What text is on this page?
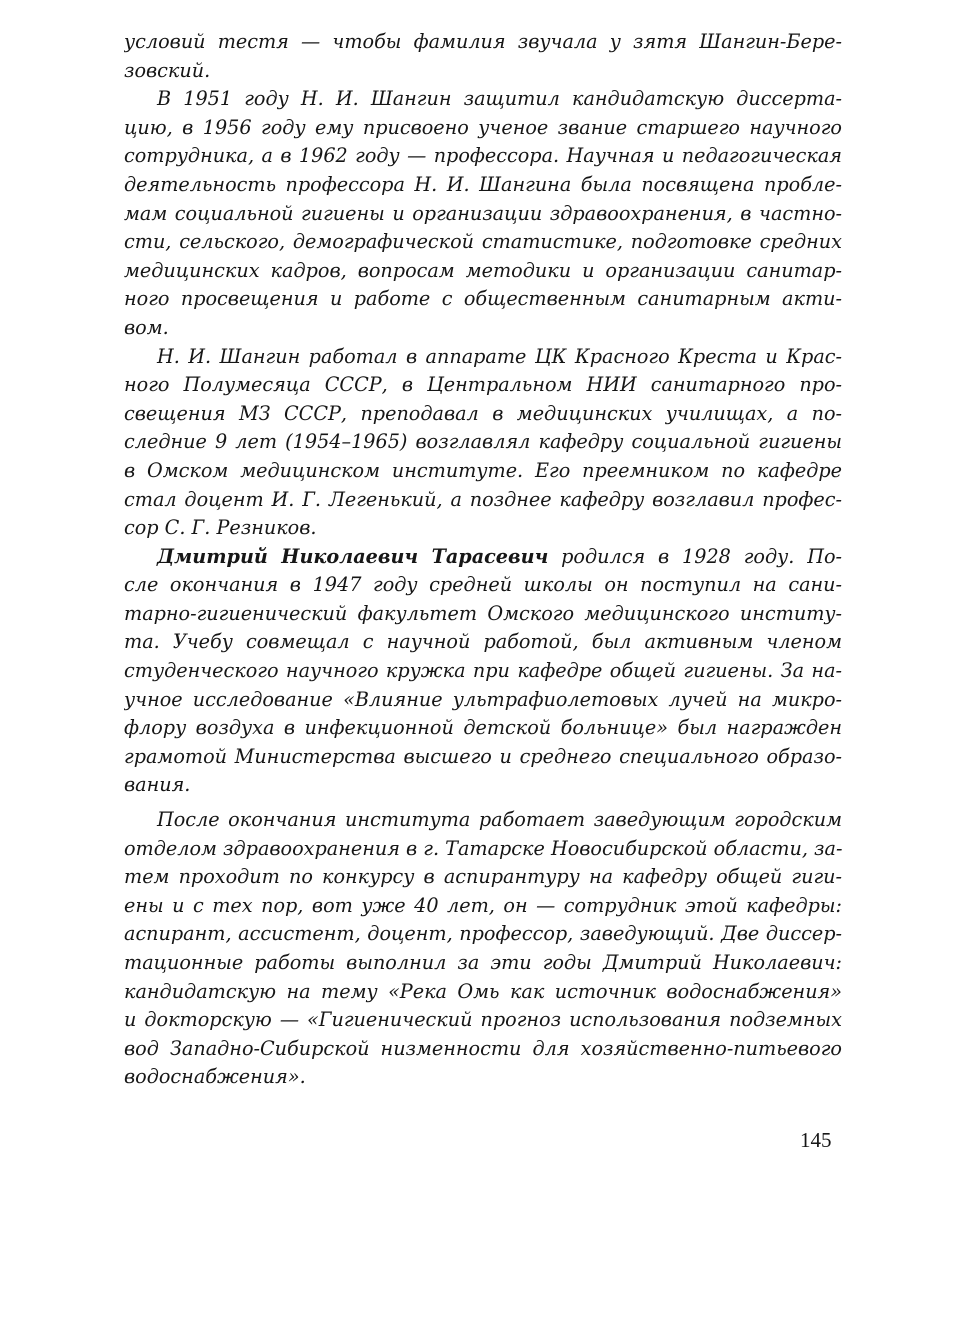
условий тестя — чтобы фамилия звучала у зятя Шангин-Бере-
зовский.

В 1951 году Н. И. Шангин защитил кандидатскую диссерта-
цию, в 1956 году ему присвоено ученое звание старшего научного
сотрудника, а в 1962 году — профессора. Научная и педагогическая
деятельность профессора Н. И. Шангина была посвящена пробле-
мам социальной гигиены и организации здравоохранения, в частно-
сти, сельского, демографической статистике, подготовке средних
медицинских кадров, вопросам методики и организации санитар-
ного просвещения и работе с общественным санитарным акти-
вом.

Н. И. Шангин работал в аппарате ЦК Красного Креста и Крас-
ного Полумесяца СССР, в Центральном НИИ санитарного про-
свещения МЗ СССР, преподавал в медицинских училищах, а по-
следние 9 лет (1954–1965) возглавлял кафедру социальной гигиены
в Омском медицинском институте. Его преемником по кафедре
стал доцент И. Г. Легенький, а позднее кафедру возглавил профес-
сор С. Г. Резников.

Дмитрий Николаевич Тарасевич родился в 1928 году. По-
сле окончания в 1947 году средней школы он поступил на сани-
тарно-гигиенический факультет Омского медицинского институ-
та. Учебу совмещал с научной работой, был активным членом
студенческого научного кружка при кафедре общей гигиены. За на-
учное исследование «Влияние ультрафиолетовых лучей на микро-
флору воздуха в инфекционной детской больнице» был награжден
грамотой Министерства высшего и среднего специального образо-
вания.

После окончания института работает заведующим городским
отделом здравоохранения в г. Татарске Новосибирской области, за-
тем проходит по конкурсу в аспирантуру на кафедру общей гиги-
ены и с тех пор, вот уже 40 лет, он — сотрудник этой кафедры:
аспирант, ассистент, доцент, профессор, заведующий. Две диссер-
тационные работы выполнил за эти годы Дмитрий Николаевич:
кандидатскую на тему «Река Омь как источник водоснабжения»
и докторскую — «Гигиенический прогноз использования подземных
вод Западно-Сибирской низменности для хозяйственно-питьевого
водоснабжения».

145
